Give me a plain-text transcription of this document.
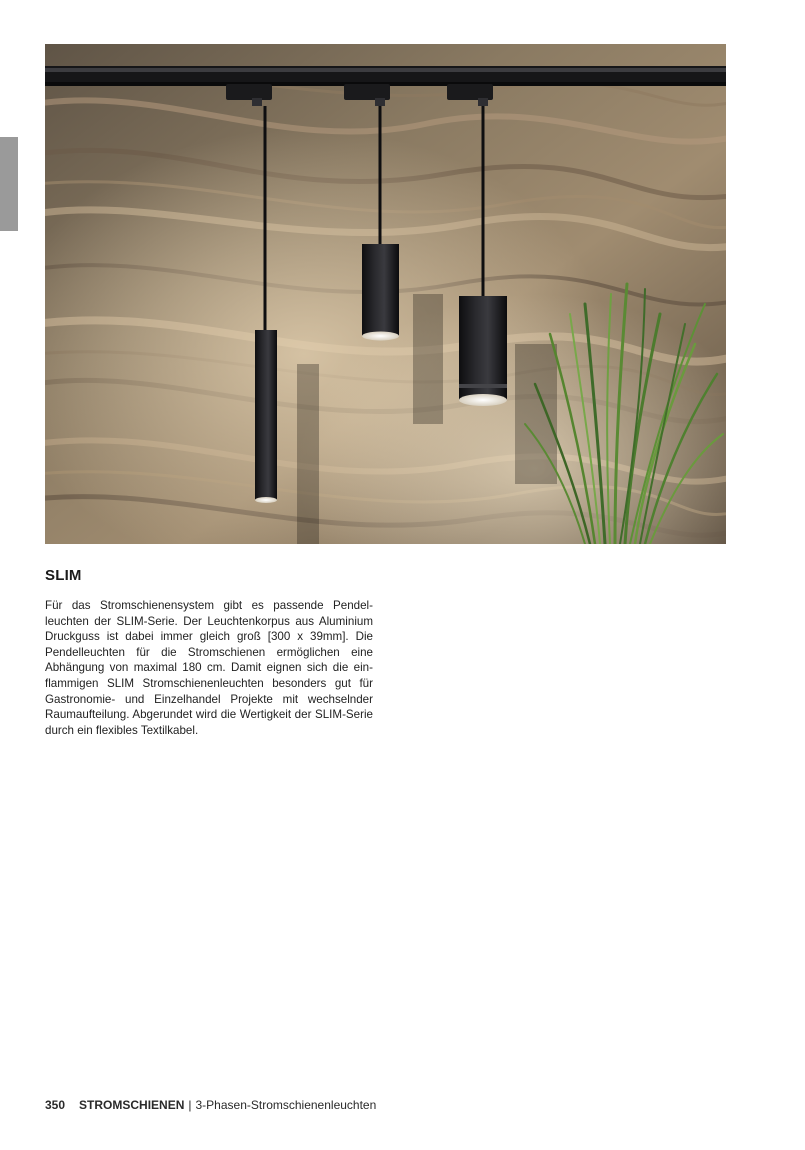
SLIM

Für das Stromschienensystem gibt es passende Pendelleuchten der SLIM-Serie. Der Leuchtenkorpus aus Aluminium Druckguss ist dabei immer gleich groß [300 x 39mm]. Die Pendelleuchten für die Stromschienen ermöglichen eine Abhängung von maximal 180 cm. Damit eignen sich die einflammigen SLIM Stromschienenleuchten besonders gut für Gastronomie- und Einzelhandel Projekte mit wechselnder Raumaufteilung. Abgerundet wird die Wertigkeit der SLIM-Serie durch ein flexibles Textilkabel.

350 STROMSCHIENEN | 3-Phasen-Stromschienenleuchten
